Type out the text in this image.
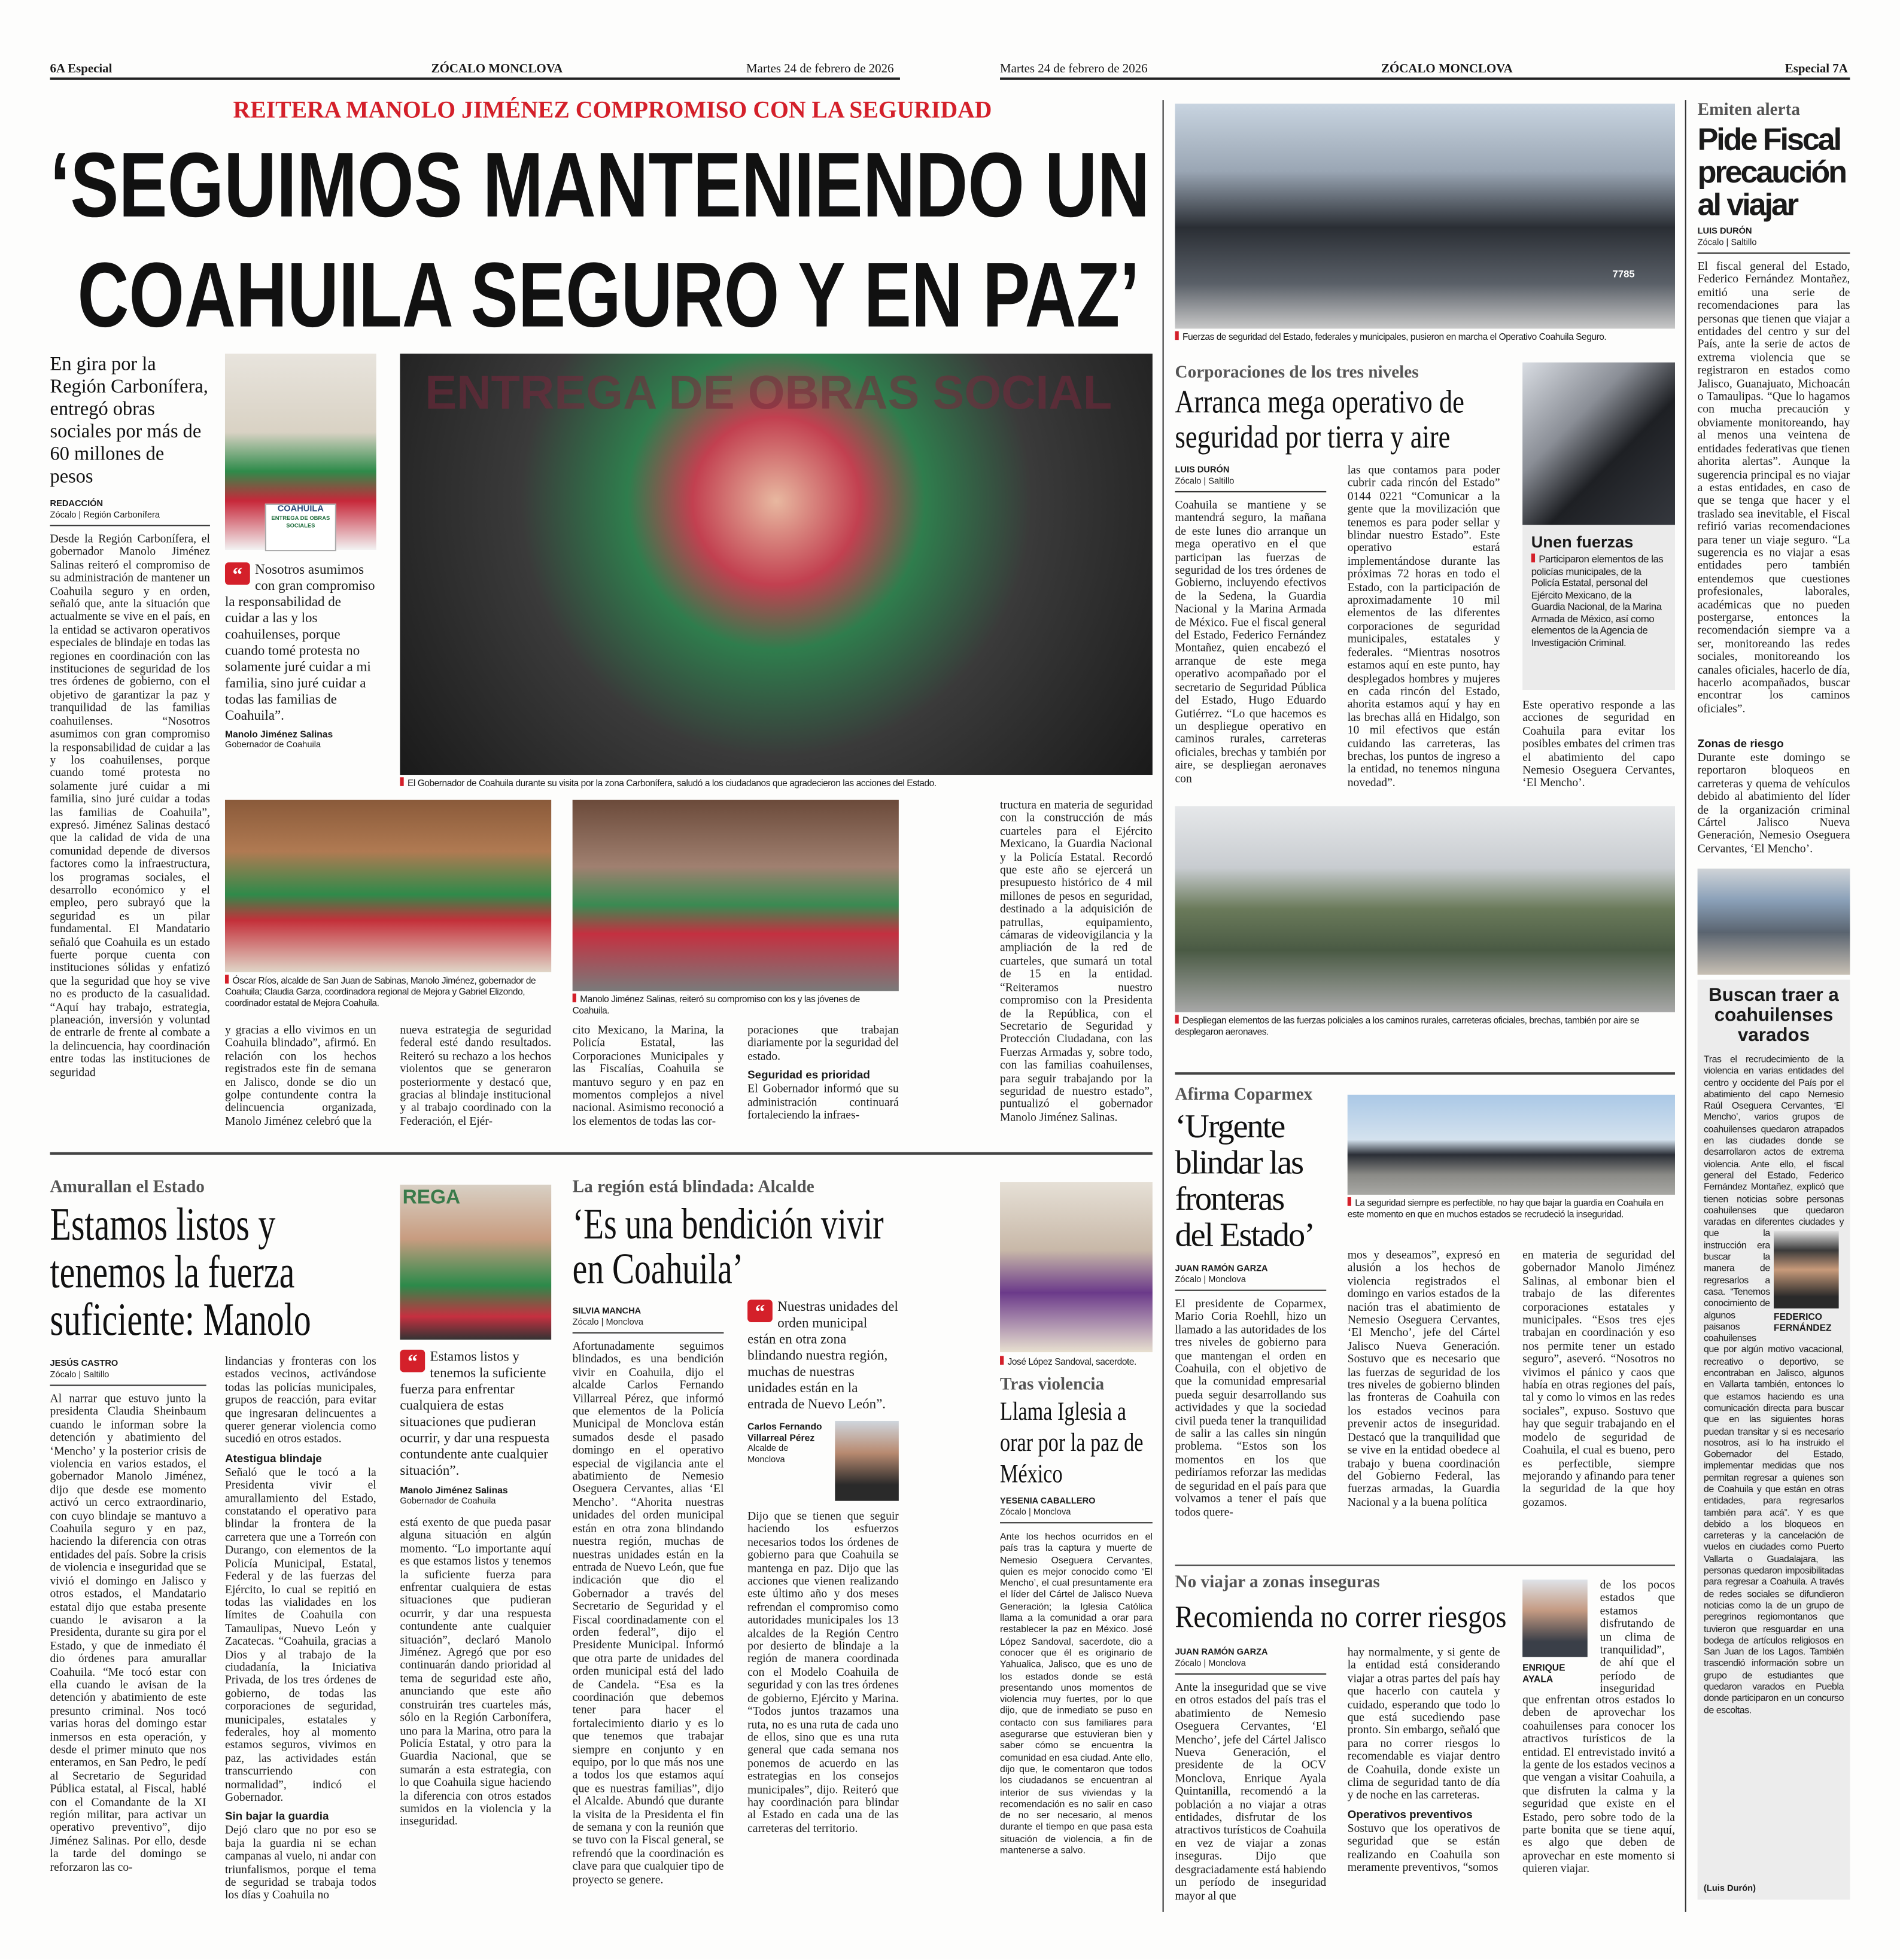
6A Especial	ZÓCALO MONCLOVA	Martes 24 de febrero de 2026	Martes 24 de febrero de 2026	ZÓCALO MONCLOVA	Especial 7A
REITERA MANOLO JIMÉNEZ COMPROMISO CON LA SEGURIDAD
‘SEGUIMOS MANTENIENDO UN
COAHUILA SEGURO Y EN PAZ’
En gira por la Región Carbonífera, entregó obras sociales por más de 60 millones de pesos
REDACCIÓN
Zócalo | Región Carbonífera
Desde la Región Carbonífera, el gobernador Manolo Jiménez Salinas reiteró el compromiso de su administración de mantener un Coahuila seguro y en orden, señaló que, ante la situación que actualmente se vive en el país, en la entidad se activaron operativos especiales de blindaje en todas las regiones en coordinación con las instituciones de seguridad de los tres órdenes de gobierno, con el objetivo de garantizar la paz y tranquilidad de las familias coahuilenses. “Nosotros asumimos con gran compromiso la responsabilidad de cuidar a las y los coahuilenses, porque cuando tomé protesta no solamente juré cuidar a mi familia, sino juré cuidar a todas las familias de Coahuila”, expresó. Jiménez Salinas destacó que la calidad de vida de una comunidad depende de diversos factores como la infraestructura, los programas sociales, el desarrollo económico y el empleo, pero subrayó que la seguridad es un pilar fundamental. El Mandatario señaló que Coahuila es un estado fuerte porque cuenta con instituciones sólidas y enfatizó que la seguridad que hoy se vive no es producto de la casualidad. “Aquí hay trabajo, estrategia, planeación, inversión y voluntad de entrarle de frente al combate a la delincuencia, hay coordinación entre todas las instituciones de seguridad
COAHUILA
ENTREGA DE OBRAS SOCIALES
“	Nosotros asumimos con gran compromiso la responsabilidad de cuidar a las y los coahuilenses, porque cuando tomé protesta no solamente juré cuidar a mi familia, sino juré cuidar a todas las familias de Coahuila”.
Manolo Jiménez Salinas
Gobernador de Coahuila
ENTREGA DE OBRAS SOCIAL
El Gobernador de Coahuila durante su visita por la zona Carbonífera, saludó a los ciudadanos que agradecieron las acciones del Estado.
Óscar Ríos, alcalde de San Juan de Sabinas, Manolo Jiménez, gobernador de Coahuila; Claudia Garza, coordinadora regional de Mejora y Gabriel Elizondo, coordinador estatal de Mejora Coahuila.	Manolo Jiménez Salinas, reiteró su compromiso con los y las jóvenes de Coahuila.
y gracias a ello vivimos en un Coahuila blindado”, afirmó. En relación con los hechos registrados este fin de semana en Jalisco, donde se dio un golpe contundente contra la delincuencia organizada, Manolo Jiménez celebró que la
nueva estrategia de seguridad federal esté dando resultados. Reiteró su rechazo a los hechos violentos que se generaron posteriormente y destacó que, gracias al blindaje institucional y al trabajo coordinado con la Federación, el Ejér-
cito Mexicano, la Marina, la Policía Estatal, las Corporaciones Municipales y las Fiscalías, Coahuila se mantuvo seguro y en paz en momentos complejos a nivel nacional. Asimismo reconoció a los elementos de todas las cor-
poraciones que trabajan diariamente por la seguridad del estado.
Seguridad es prioridad
El Gobernador informó que su administración continuará fortaleciendo la infraes-
tructura en materia de seguridad con la construcción de más cuarteles para el Ejército Mexicano, la Guardia Nacional y la Policía Estatal. Recordó que este año se ejercerá un presupuesto histórico de 4 mil millones de pesos en seguridad, destinado a la adquisición de patrullas, equipamiento, cámaras de videovigilancia y la ampliación de la red de cuarteles, que sumará un total de 15 en la entidad. “Reiteramos nuestro compromiso con la Presidenta de la República, con el Secretario de Seguridad y Protección Ciudadana, con las Fuerzas Armadas y, sobre todo, con las familias coahuilenses, para seguir trabajando por la seguridad de nuestro estado”, puntualizó el gobernador Manolo Jiménez Salinas.
Amurallan el Estado
Estamos listos y tenemos la fuerza suficiente: Manolo
JESÚS CASTRO
Zócalo | Saltillo
Al narrar que estuvo junto la presidenta Claudia Sheinbaum cuando le informan sobre la detención y abatimiento del ‘Mencho’ y la posterior crisis de violencia en varios estados, el gobernador Manolo Jiménez, dijo que desde ese momento activó un cerco extraordinario, con cuyo blindaje se mantuvo a Coahuila seguro y en paz, haciendo la diferencia con otras entidades del país. Sobre la crisis de violencia e inseguridad que se vivió el domingo en Jalisco y otros estados, el Mandatario estatal dijo que estaba presente cuando le avisaron a la Presidenta, durante su gira por el Estado, y que de inmediato él dio órdenes para amurallar Coahuila. “Me tocó estar con ella cuando le avisan de la detención y abatimiento de este presunto criminal. Nos tocó varias horas del domingo estar inmersos en esta operación, y desde el primer minuto que nos enteramos, en San Pedro, le pedí al Secretario de Seguridad Pública estatal, al Fiscal, hablé con el Comandante de la XI región militar, para activar un operativo preventivo”, dijo Jiménez Salinas. Por ello, desde la tarde del domingo se reforzaron las co-
lindancias y fronteras con los estados vecinos, activándose todas las policías municipales, grupos de reacción, para evitar que ingresaran delincuentes a querer generar violencia como sucedió en otros estados.
Atestigua blindaje
Señaló que le tocó a la Presidenta vivir el amurallamiento del Estado, constatando el operativo para blindar la frontera de la carretera que une a Torreón con Durango, con elementos de la Policía Municipal, Estatal, Federal y de las fuerzas del Ejército, lo cual se repitió en todas las vialidades en los límites de Coahuila con Tamaulipas, Nuevo León y Zacatecas. “Coahuila, gracias a Dios y al trabajo de la ciudadanía, la Iniciativa Privada, de los tres órdenes de gobierno, de todas las corporaciones de seguridad, municipales, estatales y federales, hoy al momento estamos seguros, vivimos en paz, las actividades están transcurriendo con normalidad”, indicó el Gobernador.
Sin bajar la guardia
Dejó claro que no por eso se baja la guardia ni se echan campanas al vuelo, ni andar con triunfalismos, porque el tema de seguridad se trabaja todos los días y Coahuila no
REGA
“	Estamos listos y tenemos la suficiente fuerza para enfrentar cualquiera de estas situaciones que pudieran ocurrir, y dar una respuesta contundente ante cualquier situación”.
Manolo Jiménez Salinas
Gobernador de Coahuila
está exento de que pueda pasar alguna situación en algún momento. “Lo importante aquí es que estamos listos y tenemos la suficiente fuerza para enfrentar cualquiera de estas situaciones que pudieran ocurrir, y dar una respuesta contundente ante cualquier situación”, declaró Manolo Jiménez. Agregó que por eso continuarán dando prioridad al tema de seguridad este año, anunciando que este año construirán tres cuarteles más, sólo en la Región Carbonífera, uno para la Marina, otro para la Policía Estatal, y otro para la Guardia Nacional, que se sumarán a esta estrategia, con lo que Coahuila sigue haciendo la diferencia con otros estados sumidos en la violencia y la inseguridad.
La región está blindada: Alcalde
‘Es una bendición vivir en Coahuila’
SILVIA MANCHA
Zócalo | Monclova
Afortunadamente seguimos blindados, es una bendición vivir en Coahuila, dijo el alcalde Carlos Fernando Villarreal Pérez, que informó que elementos de la Policía Municipal de Monclova están sumados desde el pasado domingo en el operativo especial de vigilancia ante el abatimiento de Nemesio Oseguera Cervantes, alias ‘El Mencho’. “Ahorita nuestras unidades del orden municipal están en otra zona blindando nuestra región, muchas de nuestras unidades están en la entrada de Nuevo León, que fue indicación que dio el Gobernador a través del Secretario de Seguridad y el Fiscal coordinadamente con el orden federal”, dijo el Presidente Municipal. Informó que otra parte de unidades del orden municipal está del lado de Candela. “Esa es la coordinación que debemos tener para hacer el fortalecimiento diario y es lo que tenemos que trabajar siempre en conjunto y en equipo, por lo que más nos une a todos los que estamos aquí que es nuestras familias”, dijo el Alcalde. Abundó que durante la visita de la Presidenta el fin de semana y con la reunión que se tuvo con la Fiscal general, se refrendó que la coordinación es clave para que cualquier tipo de proyecto se genere.
“	Nuestras unidades del orden municipal están en otra zona blindando nuestra región, muchas de nuestras unidades están en la entrada de Nuevo León”.
Carlos Fernando Villarreal Pérez
Alcalde de Monclova
Dijo que se tienen que seguir haciendo los esfuerzos necesarios todos los órdenes de gobierno para que Coahuila se mantenga en paz. Dijo que las acciones que vienen realizando este último año y dos meses refrendan el compromiso como autoridades municipales los 13 alcaldes de la Región Centro por desierto de blindaje a la región de manera coordinada con el Modelo Coahuila de seguridad y con las tres órdenes de gobierno, Ejército y Marina. “Todos juntos trazamos una ruta, no es una ruta de cada uno de ellos, sino que es una ruta general que cada semana nos ponemos de acuerdo en las estrategias en los consejos municipales”, dijo. Reiteró que hay coordinación para blindar al Estado en cada una de las carreteras del territorio.
José López Sandoval, sacerdote.
Tras violencia
Llama Iglesia a orar por la paz de México
YESENIA CABALLERO
Zócalo | Monclova
Ante los hechos ocurridos en el país tras la captura y muerte de Nemesio Oseguera Cervantes, quien es mejor conocido como ‘El Mencho’, el cual presuntamente era el líder del Cártel de Jalisco Nueva Generación; la Iglesia Católica llama a la comunidad a orar para restablecer la paz en México. José López Sandoval, sacerdote, dio a conocer que él es originario de Yahualica, Jalisco, que es uno de los estados donde se está presentando unos momentos de violencia muy fuertes, por lo que dijo, que de inmediato se puso en contacto con sus familiares para asegurarse que estuvieran bien y saber cómo se encuentra la comunidad en esa ciudad. Ante ello, dijo que, le comentaron que todos los ciudadanos se encuentran al interior de sus viviendas y la recomendación es no salir en caso de no ser necesario, al menos durante el tiempo en que pasa esta situación de violencia, a fin de mantenerse a salvo.
7785
Fuerzas de seguridad del Estado, federales y municipales, pusieron en marcha el Operativo Coahuila Seguro.
Corporaciones de los tres niveles
Arranca mega operativo de seguridad por tierra y aire
LUIS DURÓN
Zócalo | Saltillo
Coahuila se mantiene y se mantendrá seguro, la mañana de este lunes dio arranque un mega operativo en el que participan las fuerzas de seguridad de los tres órdenes de Gobierno, incluyendo efectivos de la Sedena, la Guardia Nacional y la Marina Armada de México. Fue el fiscal general del Estado, Federico Fernández Montañez, quien encabezó el arranque de este mega operativo acompañado por el secretario de Seguridad Pública del Estado, Hugo Eduardo Gutiérrez. “Lo que hacemos es un despliegue operativo en caminos rurales, carreteras oficiales, brechas y también por aire, se despliegan aeronaves con
las que contamos para poder cubrir cada rincón del Estado” 0144 0221 “Comunicar a la gente que la movilización que tenemos es para poder sellar y blindar nuestro Estado”. Este operativo estará implementándose durante las próximas 72 horas en todo el Estado, con la participación de aproximadamente 10 mil elementos de las diferentes corporaciones de seguridad municipales, estatales y federales. “Mientras nosotros estamos aquí en este punto, hay desplegados hombres y mujeres en cada rincón del Estado, ahorita estamos aquí y hay en las brechas allá en Hidalgo, son 10 mil efectivos que están cuidando las carreteras, las brechas, los puntos de ingreso a la entidad, no tenemos ninguna novedad”.
Unen fuerzas
Participaron elementos de las policías municipales, de la Policía Estatal, personal del Ejército Mexicano, de la Guardia Nacional, de la Marina Armada de México, así como elementos de la Agencia de Investigación Criminal.
Este operativo responde a las acciones de seguridad en Coahuila para evitar los posibles embates del crimen tras el abatimiento del capo Nemesio Oseguera Cervantes, ‘El Mencho’.
Despliegan elementos de las fuerzas policiales a los caminos rurales, carreteras oficiales, brechas, también por aire se desplegaron aeronaves.
Afirma Coparmex
‘Urgente blindar las fronteras del Estado’
JUAN RAMÓN GARZA
Zócalo | Monclova
El presidente de Coparmex, Mario Coria Roehll, hizo un llamado a las autoridades de los tres niveles de gobierno para que mantengan el orden en Coahuila, con el objetivo de que la comunidad empresarial pueda seguir desarrollando sus actividades y que la sociedad civil pueda tener la tranquilidad de salir a las calles sin ningún problema. “Estos son los momentos en los que pediríamos reforzar las medidas de seguridad en el país para que volvamos a tener el país que todos quere-
La seguridad siempre es perfectible, no hay que bajar la guardia en Coahuila en este momento en que en muchos estados se recrudeció la inseguridad.
mos y deseamos”, expresó en alusión a los hechos de violencia registrados el domingo en varios estados de la nación tras el abatimiento de Nemesio Oseguera Cervantes, ‘El Mencho’, jefe del Cártel Jalisco Nueva Generación. Sostuvo que es necesario que las fuerzas de seguridad de los tres niveles de gobierno blinden las fronteras de Coahuila con los estados vecinos para prevenir actos de inseguridad. Destacó que la tranquilidad que se vive en la entidad obedece al trabajo y buena coordinación del Gobierno Federal, las fuerzas armadas, la Guardia Nacional y a la buena política
en materia de seguridad del gobernador Manolo Jiménez Salinas, al embonar bien el trabajo de las diferentes corporaciones estatales y municipales. “Esos tres ejes trabajan en coordinación y eso nos permite tener un estado seguro”, aseveró. “Nosotros no vivimos el pánico y caos que había en otras regiones del país, tal y como lo vimos en las redes sociales”, expuso. Sostuvo que hay que seguir trabajando en el modelo de seguridad de Coahuila, el cual es bueno, pero es perfectible, siempre mejorando y afinando para tener la seguridad de la que hoy gozamos.
No viajar a zonas inseguras
Recomienda no correr riesgos
JUAN RAMÓN GARZA
Zócalo | Monclova
Ante la inseguridad que se vive en otros estados del país tras el abatimiento de Nemesio Oseguera Cervantes, ‘El Mencho’, jefe del Cártel Jalisco Nueva Generación, el presidente de la OCV Monclova, Enrique Ayala Quintanilla, recomendó a la población a no viajar a otras entidades, disfrutar de los atractivos turísticos de Coahuila en vez de viajar a zonas inseguras. Dijo que desgraciadamente está habiendo un período de inseguridad mayor al que
hay normalmente, y si gente de la entidad está considerando viajar a otras partes del país hay que hacerlo con cautela y cuidado, esperando que todo lo que está sucediendo pase pronto. Sin embargo, señaló que para no correr riesgos lo recomendable es viajar dentro de Coahuila, donde existe un clima de seguridad tanto de día y de noche en las carreteras.
Operativos preventivos
Sostuvo que los operativos de seguridad que se están realizando en Coahuila son meramente preventivos, “somos
ENRIQUE AYALA
de los pocos estados que estamos disfrutando de un clima de tranquilidad”, de ahí que el período de inseguridad
que enfrentan otros estados lo deben de aprovechar los coahuilenses para conocer los atractivos turísticos de la entidad. El entrevistado invitó a la gente de los estados vecinos a que vengan a visitar Coahuila, a que disfruten la calma y la seguridad que existe en el Estado, pero sobre todo de la parte bonita que se tiene aquí, es algo que deben de aprovechar en este momento si quieren viajar.
Emiten alerta
Pide Fiscal precaución al viajar
LUIS DURÓN
Zócalo | Saltillo
El fiscal general del Estado, Federico Fernández Montañez, emitió una serie de recomendaciones para las personas que tienen que viajar a entidades del centro y sur del País, ante la serie de actos de extrema violencia que se registraron en estados como Jalisco, Guanajuato, Michoacán o Tamaulipas. “Que lo hagamos con mucha precaución y obviamente monitoreando, hay al menos una veintena de entidades federativas que tienen ahorita alertas”. Aunque la sugerencia principal es no viajar a estas entidades, en caso de que se tenga que hacer y el traslado sea inevitable, el Fiscal refirió varias recomendaciones para tener un viaje seguro. “La sugerencia es no viajar a esas entidades pero también entendemos que cuestiones profesionales, laborales, académicas que no pueden postergarse, entonces la recomendación siempre va a ser, monitoreando las redes sociales, monitoreando los canales oficiales, hacerlo de día, hacerlo acompañados, buscar encontrar los caminos oficiales”.
Zonas de riesgo
Durante este domingo se reportaron bloqueos en carreteras y quema de vehículos debido al abatimiento del líder de la organización criminal Cártel Jalisco Nueva Generación, Nemesio Oseguera Cervantes, ‘El Mencho’.
Buscan traer a coahuilenses varados
FEDERICO FERNÁNDEZ
Tras el recrudecimiento de la violencia en varias entidades del centro y occidente del País por el abatimiento del capo Nemesio Raúl Oseguera Cervantes, ‘El Mencho’, varios grupos de coahuilenses quedaron atrapados en las ciudades donde se desarrollaron actos de extrema violencia. Ante ello, el fiscal general del Estado, Federico Fernández Montañez, explicó que tienen noticias sobre personas coahuilenses que quedaron varadas en diferentes ciudades y que la instrucción era buscar la manera de regresarlos a casa. “Tenemos conocimiento de algunos paisanos coahuilenses que por algún motivo vacacional, recreativo o deportivo, se encontraban en Jalisco, algunos en Vallarta también, entonces lo que estamos haciendo es una comunicación directa para buscar que en las siguientes horas puedan transitar y si es necesario nosotros, así lo ha instruido el Gobernador del Estado, implementar medidas que nos permitan regresar a quienes son de Coahuila y que están en otras entidades, para regresarlos también para acá”. Y es que debido a los bloqueos en carreteras y la cancelación de vuelos en ciudades como Puerto Vallarta o Guadalajara, las personas quedaron imposibilitadas para regresar a Coahuila. A través de redes sociales se difundieron noticias como la de un grupo de peregrinos regiomontanos que tuvieron que resguardar en una bodega de artículos religiosos en San Juan de los Lagos. También trascendió información sobre un grupo de estudiantes que quedaron varados en Puebla donde participaron en un concurso de escoltas.
(Luis Durón)
